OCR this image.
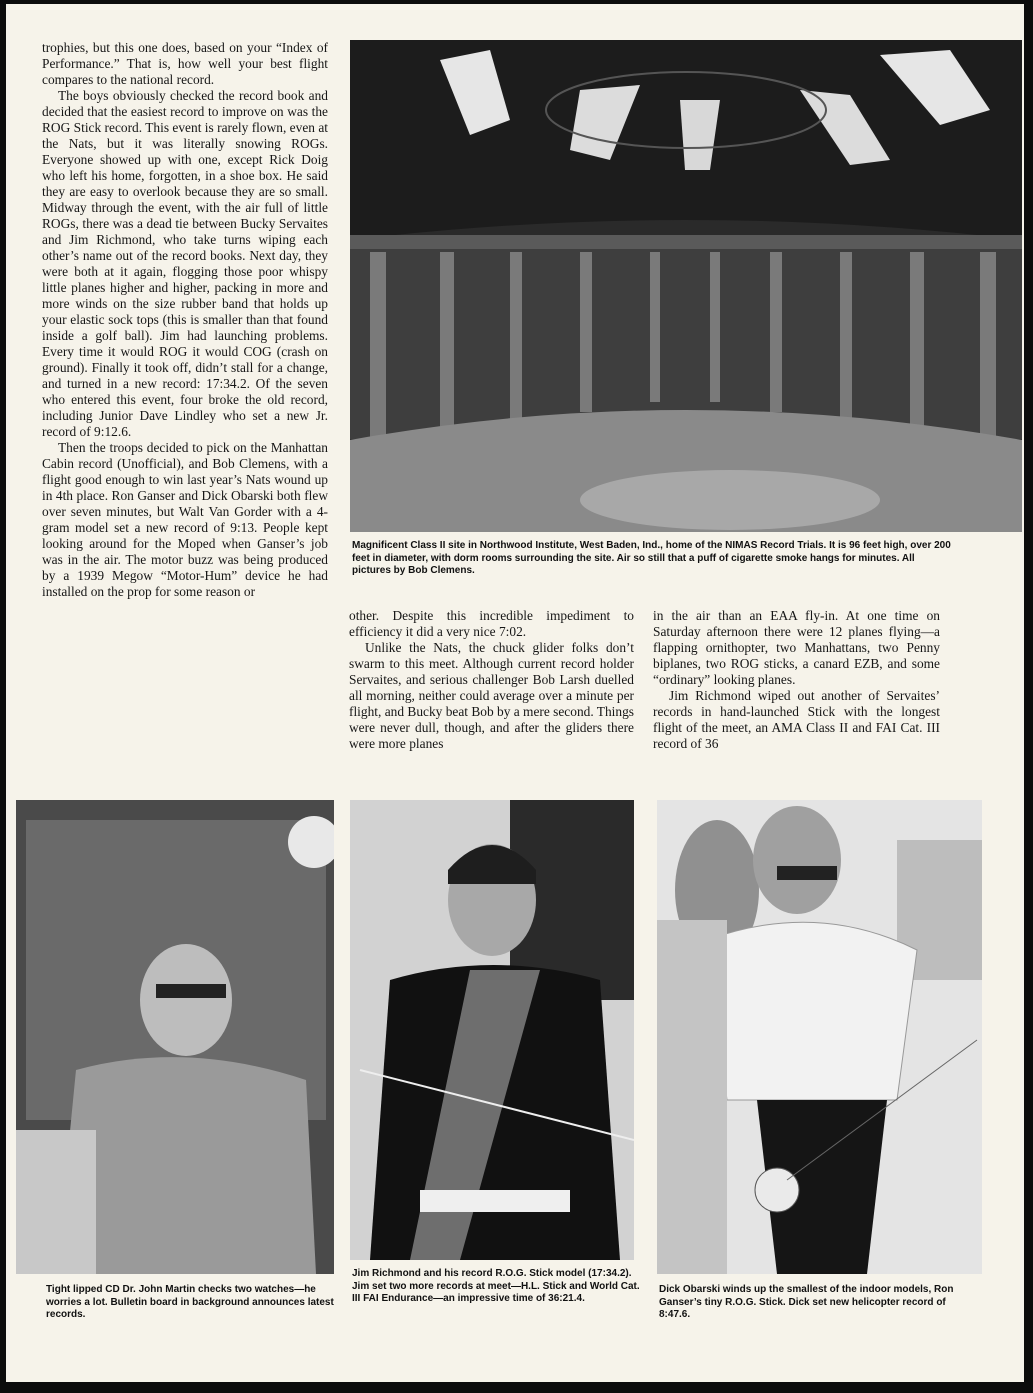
trophies, but this one does, based on your “Index of Performance.” That is, how well your best flight compares to the national record.

The boys obviously checked the record book and decided that the easiest record to improve on was the ROG Stick record. This event is rarely flown, even at the Nats, but it was literally snowing ROGs. Everyone showed up with one, except Rick Doig who left his home, forgotten, in a shoe box. He said they are easy to overlook because they are so small. Midway through the event, with the air full of little ROGs, there was a dead tie between Bucky Servaites and Jim Richmond, who take turns wiping each other’s name out of the record books. Next day, they were both at it again, flogging those poor whispy little planes higher and higher, packing in more and more winds on the size rubber band that holds up your elastic sock tops (this is smaller than that found inside a golf ball). Jim had launching problems. Every time it would ROG it would COG (crash on ground). Finally it took off, didn’t stall for a change, and turned in a new record: 17:34.2. Of the seven who entered this event, four broke the old record, including Junior Dave Lindley who set a new Jr. record of 9:12.6.

Then the troops decided to pick on the Manhattan Cabin record (Unofficial), and Bob Clemens, with a flight good enough to win last year’s Nats wound up in 4th place. Ron Ganser and Dick Obarski both flew over seven minutes, but Walt Van Gorder with a 4-gram model set a new record of 9:13. People kept looking around for the Moped when Ganser’s job was in the air. The motor buzz was being produced by a 1939 Megow “Motor-Hum” device he had installed on the prop for some reason or

Magnificent Class II site in Northwood Institute, West Baden, Ind., home of the NIMAS Record Trials. It is 96 feet high, over 200 feet in diameter, with dorm rooms surrounding the site. Air so still that a puff of cigarette smoke hangs for minutes. All pictures by Bob Clemens.

other. Despite this incredible impediment to efficiency it did a very nice 7:02.

Unlike the Nats, the chuck glider folks don’t swarm to this meet. Although current record holder Servaites, and serious challenger Bob Larsh duelled all morning, neither could average over a minute per flight, and Bucky beat Bob by a mere second. Things were never dull, though, and after the gliders there were more planes

in the air than an EAA fly-in. At one time on Saturday afternoon there were 12 planes flying—a flapping ornithopter, two Manhattans, two Penny biplanes, two ROG sticks, a canard EZB, and some “ordinary” looking planes.

Jim Richmond wiped out another of Servaites’ records in hand-launched Stick with the longest flight of the meet, an AMA Class II and FAI Cat. III record of 36

Tight lipped CD Dr. John Martin checks two watches—he worries a lot. Bulletin board in background announces latest records.

Jim Richmond and his record R.O.G. Stick model (17:34.2). Jim set two more records at meet—H.L. Stick and World Cat. III FAI Endurance—an impressive time of 36:21.4.

Dick Obarski winds up the smallest of the indoor models, Ron Ganser’s tiny R.O.G. Stick. Dick set new helicopter record of 8:47.6.
